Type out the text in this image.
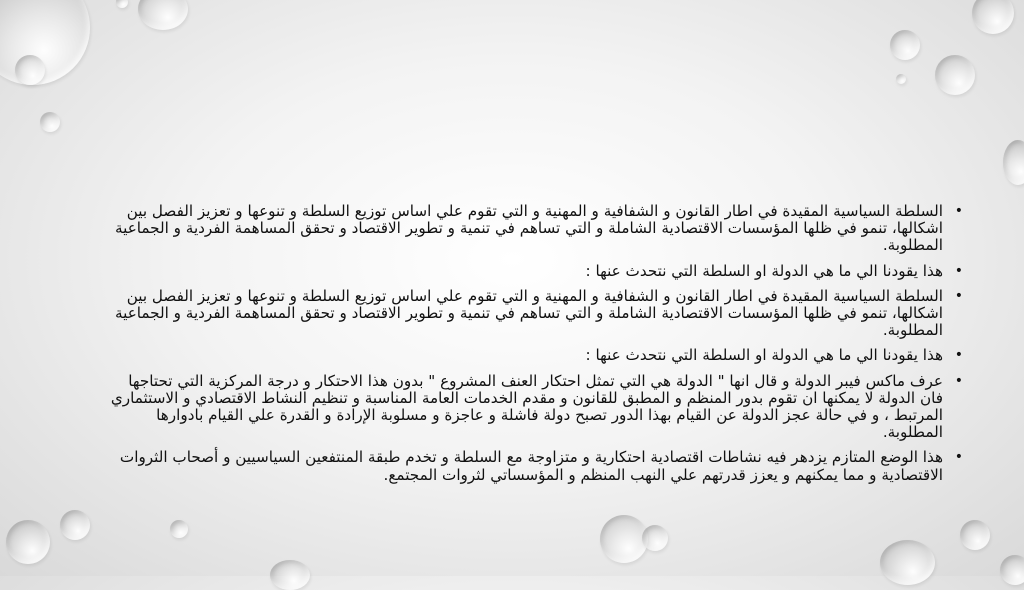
•
السلطة السياسية المقيدة في اطار القانون و الشفافية و المهنية و التي تقوم علي اساس توزيع السلطة و تنوعها و تعزيز الفصل بين اشكالها، تنمو في ظلها المؤسسات الاقتصادية الشاملة و التي تساهم في تنمية و تطوير الاقتصاد و تحقق المساهمة الفردية و الجماعية المطلوبة.
•
هذا يقودنا الي ما هي الدولة او السلطة التي نتحدث عنها :
•
السلطة السياسية المقيدة في اطار القانون و الشفافية و المهنية و التي تقوم علي اساس توزيع السلطة و تنوعها و تعزيز الفصل بين اشكالها، تنمو في ظلها المؤسسات الاقتصادية الشاملة و التي تساهم في تنمية و تطوير الاقتصاد و تحقق المساهمة الفردية و الجماعية المطلوبة.
•
هذا يقودنا الي ما هي الدولة او السلطة التي نتحدث عنها :
•
عرف ماكس فيبر الدولة و قال انها " الدولة هي التي تمثل احتكار العنف المشروع " بدون هذا الاحتكار و درجة المركزية التي تحتاجها فان الدولة لا يمكنها ان تقوم بدور المنظم و المطبق للقانون و مقدم الخدمات العامة المناسبة و تنظيم النشاط الاقتصادي و الاستثماري المرتبط ، و في حالة عجز الدولة عن القيام بهذا الدور تصبح دولة فاشلة و عاجزة و مسلوبة الإرادة و القدرة علي القيام بادوارها المطلوبة.
•
هذا الوضع المتازم يزدهر فيه نشاطات اقتصادية احتكارية و متزاوجة مع السلطة و تخدم طبقة المنتفعين السياسيين و أصحاب الثروات الاقتصادية و مما يمكنهم و يعزز قدرتهم علي النهب المنظم و المؤسساتي لثروات المجتمع.
